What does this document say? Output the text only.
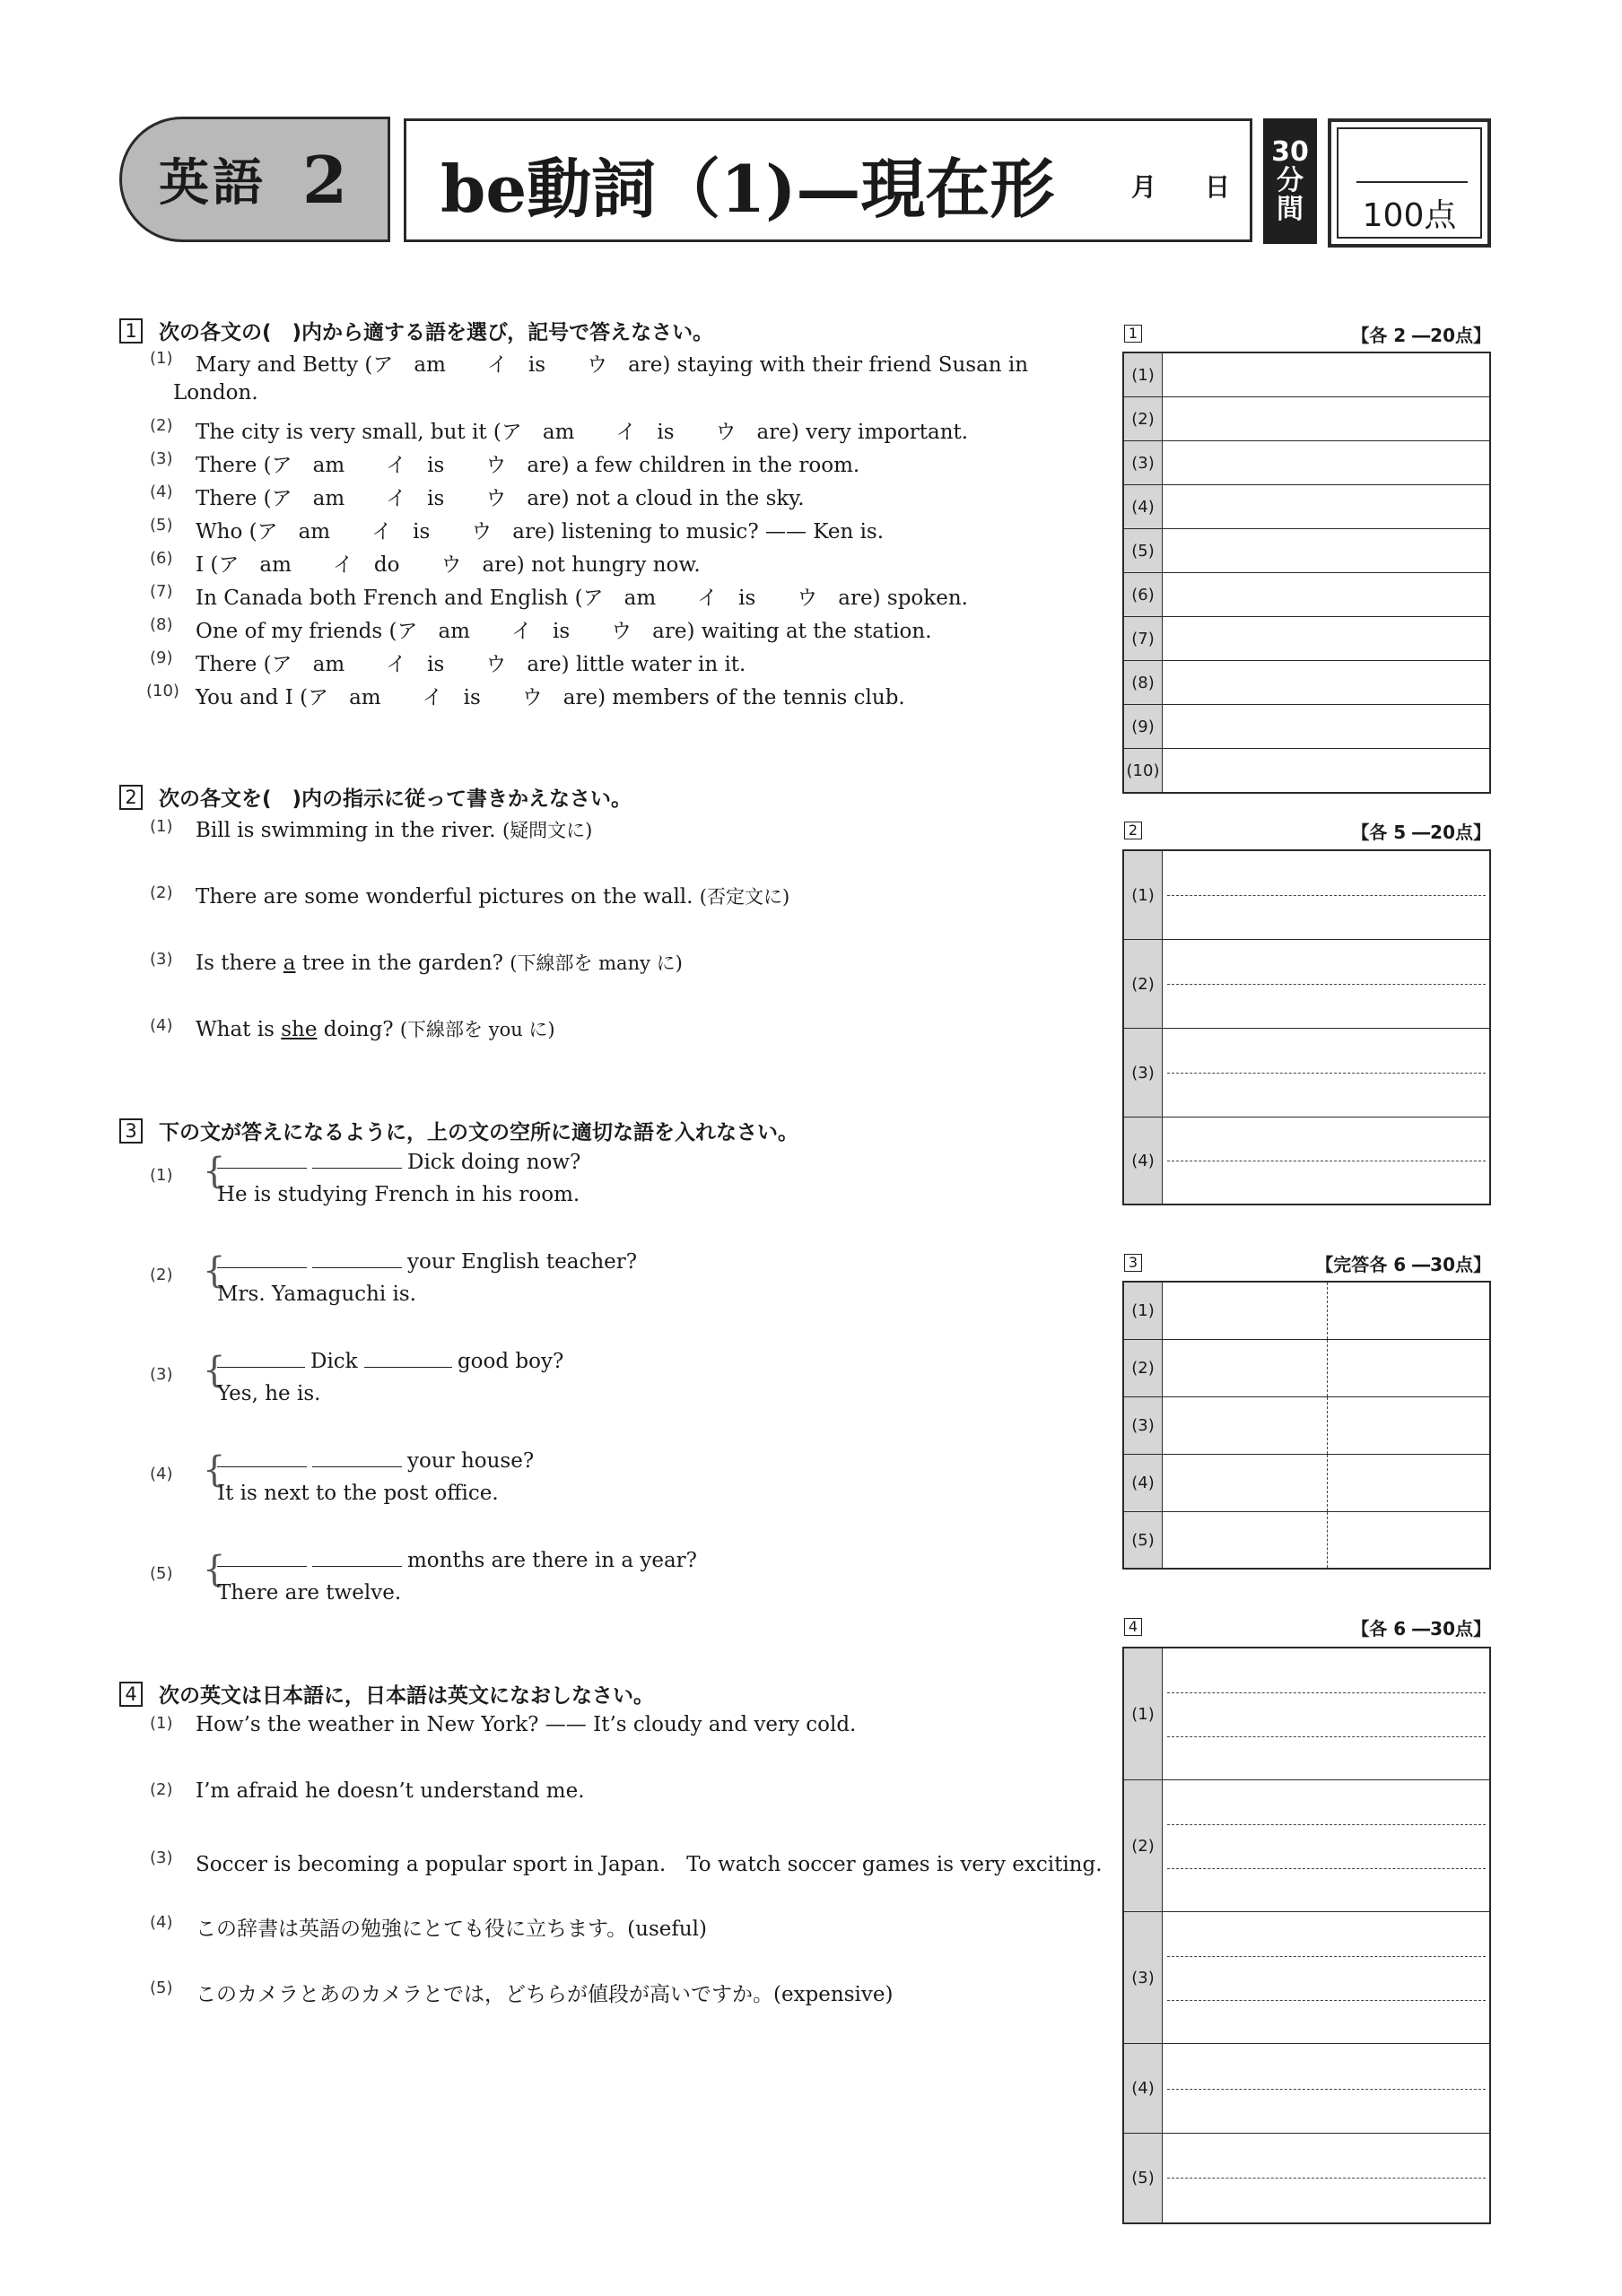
英語 2 be動詞（1)—現在形	月 日
30
分
間	100点
1 次の各文の(　)内から適する語を選び，記号で答えなさい。
(1) Mary and Betty (ア　am　　イ　is　　ウ　are) staying with their friend Susan in
London.
(2) The city is very small, but it (ア　am　　イ　is　　ウ　are) very important.
(3) There (ア　am　　イ　is　　ウ　are) a few children in the room.
(4) There (ア　am　　イ　is　　ウ　are) not a cloud in the sky.
(5) Who (ア　am　　イ　is　　ウ　are) listening to music? —— Ken is.
(6) I (ア　am　　イ　do　　ウ　are) not hungry now.
(7) In Canada both French and English (ア　am　　イ　is　　ウ　are) spoken.
(8) One of my friends (ア　am　　イ　is　　ウ　are) waiting at the station.
(9) There (ア　am　　イ　is　　ウ　are) little water in it.
(10) You and I (ア　am　　イ　is　　ウ　are) members of the tennis club.
2 次の各文を(　)内の指示に従って書きかえなさい。
(1) Bill is swimming in the river. (疑問文に)
(2) There are some wonderful pictures on the wall. (否定文に)
(3) Is there a tree in the garden? (下線部を many に)
(4) What is she doing? (下線部を you に)
3 下の文が答えになるように，上の文の空所に適切な語を入れなさい。
(1) {	Dick doing now?
He is studying French in his room.
(2) {	your English teacher?
Mrs. Yamaguchi is.
(3) {	Dick	good boy?
Yes, he is.
(4) {	your house?
It is next to the post office.
(5) {	months are there in a year?
There are twelve.
4 次の英文は日本語に，日本語は英文になおしなさい。
(1) How’s the weather in New York? —— It’s cloudy and very cold.
(2) I’m afraid he doesn’t understand me.
(3) Soccer is becoming a popular sport in Japan.　To watch soccer games is very exciting.
(4) この辞書は英語の勉強にとても役に立ちます。(useful)
(5) このカメラとあのカメラとでは，どちらが値段が高いですか。(expensive)
1	【各 2 ―20点】
(1)
(2)
(3)
(4)
(5)
(6)
(7)
(8)
(9)
(10)
2	【各 5 ―20点】
(1)
(2)
(3)
(4)
3	【完答各 6 ―30点】
(1)
(2)
(3)
(4)
(5)
4	【各 6 ―30点】
(1)
(2)
(3)
(4)
(5)
